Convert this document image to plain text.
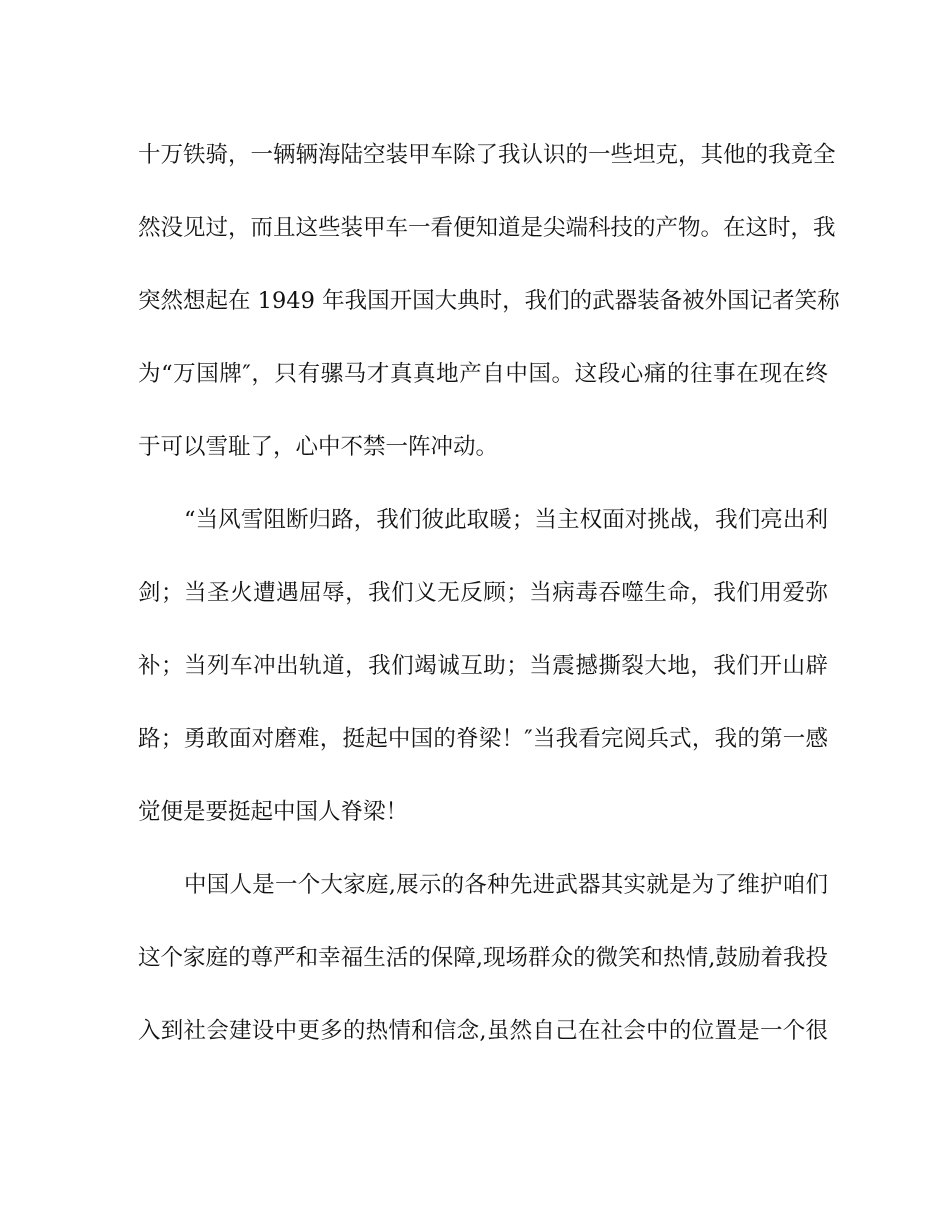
十万铁骑，一辆辆海陆空装甲车除了我认识的一些坦克，其他的我竟全
然没见过，而且这些装甲车一看便知道是尖端科技的产物。在这时，我
突然想起在 1949 年我国开国大典时，我们的武器装备被外国记者笑称
为“万国牌″，只有骡马才真真地产自中国。这段心痛的往事在现在终
于可以雪耻了，心中不禁一阵冲动。
“当风雪阻断归路，我们彼此取暖；当主权面对挑战，我们亮出利
剑；当圣火遭遇屈辱，我们义无反顾；当病毒吞噬生命，我们用爱弥
补；当列车冲出轨道，我们竭诚互助；当震撼撕裂大地，我们开山辟
路；勇敢面对磨难，挺起中国的脊梁！″当我看完阅兵式，我的第一感
觉便是要挺起中国人脊梁！
中国人是一个大家庭,展示的各种先进武器其实就是为了维护咱们
这个家庭的尊严和幸福生活的保障,现场群众的微笑和热情,鼓励着我投
入到社会建设中更多的热情和信念,虽然自己在社会中的位置是一个很
